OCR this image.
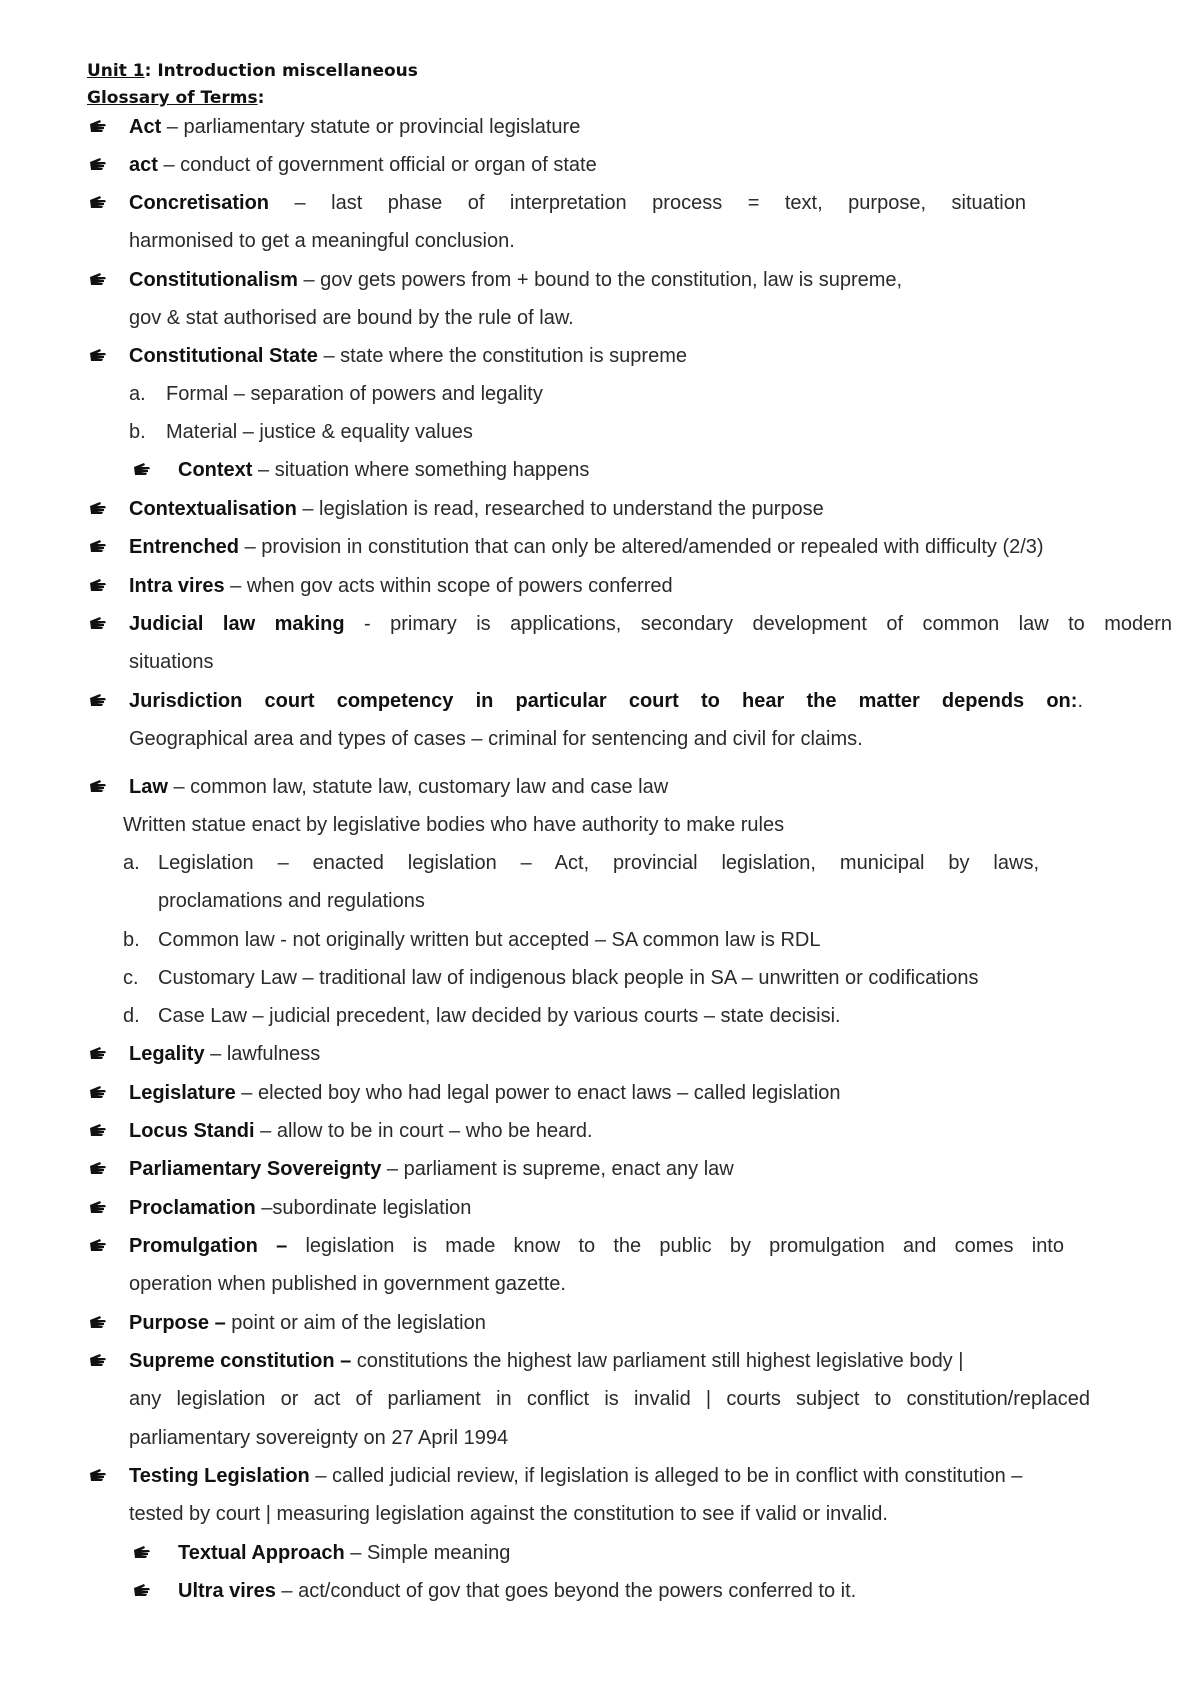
Unit 1: Introduction miscellaneous
Glossary of Terms:
Act – parliamentary statute or provincial legislature
act – conduct of government official or organ of state
Concretisation – last phase of interpretation process = text, purpose, situation
harmonised to get a meaningful conclusion.
Constitutionalism – gov gets powers from + bound to the constitution, law is supreme,
gov & stat authorised are bound by the rule of law.
Constitutional State – state where the constitution is supreme
a. Formal – separation of powers and legality
b. Material – justice & equality values
Context – situation where something happens
Contextualisation – legislation is read, researched to understand the purpose
Entrenched – provision in constitution that can only be altered/amended or repealed with difficulty (2/3)
Intra vires – when gov acts within scope of powers conferred
Judicial law making - primary is applications, secondary development of common law to modern
situations
Jurisdiction court competency in particular court to hear the matter depends on:.
Geographical area and types of cases – criminal for sentencing and civil for claims.
Law – common law, statute law, customary law and case law
Written statue enact by legislative bodies who have authority to make rules
a. Legislation – enacted legislation – Act, provincial legislation, municipal by laws,
proclamations and regulations
b. Common law - not originally written but accepted – SA common law is RDL
c. Customary Law – traditional law of indigenous black people in SA – unwritten or codifications
d. Case Law – judicial precedent, law decided by various courts – state decisisi.
Legality – lawfulness
Legislature – elected boy who had legal power to enact laws – called legislation
Locus Standi – allow to be in court – who be heard.
Parliamentary Sovereignty – parliament is supreme, enact any law
Proclamation –subordinate legislation
Promulgation – legislation is made know to the public by promulgation and comes into
operation when published in government gazette.
Purpose – point or aim of the legislation
Supreme constitution – constitutions the highest law parliament still highest legislative body |
any legislation or act of parliament in conflict is invalid | courts subject to constitution/replaced
parliamentary sovereignty on 27 April 1994
Testing Legislation – called judicial review, if legislation is alleged to be in conflict with constitution –
tested by court | measuring legislation against the constitution to see if valid or invalid.
Textual Approach – Simple meaning
Ultra vires – act/conduct of gov that goes beyond the powers conferred to it.
